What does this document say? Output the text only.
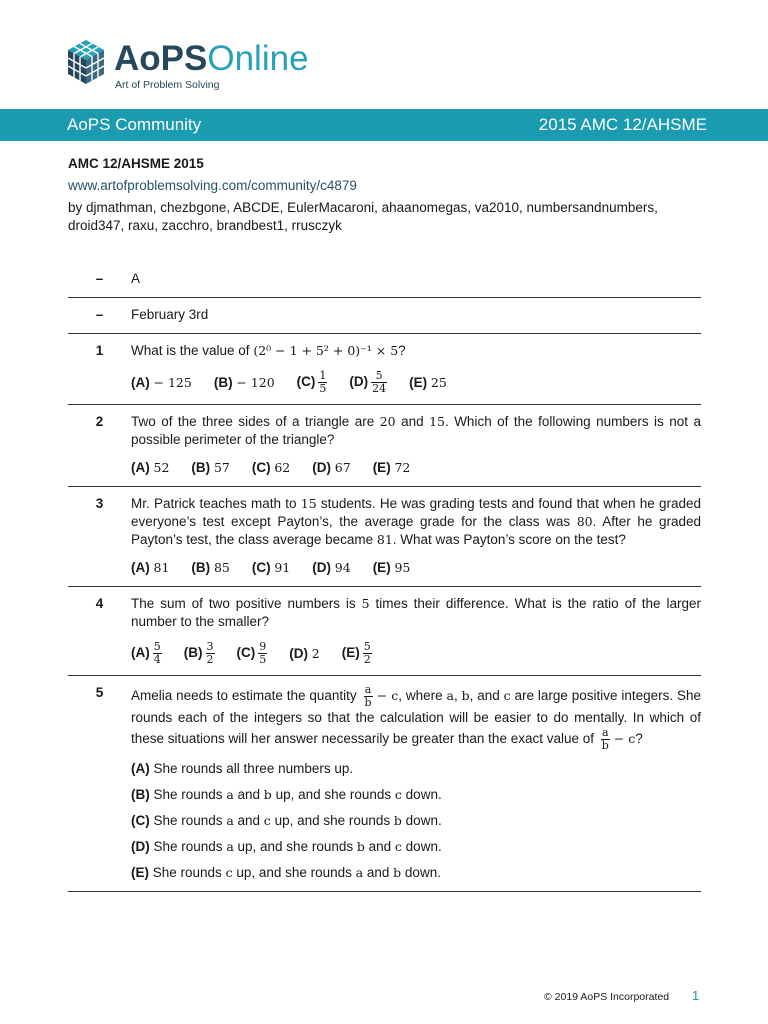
AoPSOnline
Art of Problem Solving
AoPS Community	2015 AMC 12/AHSME
AMC 12/AHSME 2015
www.artofproblemsolving.com/community/c4879
by djmathman, chezbgone, ABCDE, EulerMacaroni, ahaanomegas, va2010, numbersandnumbers, droid347, raxu, zacchro, brandbest1, rrusczyk
–	A
–	February 3rd
1	What is the value of (2⁰ − 1 + 5² + 0)⁻¹ × 5?
(A) − 125 (B) − 120 $(C) \frac{1}{5} (D) \frac{5}{24} (E)$ 25
2	Two of the three sides of a triangle are 20 and 15. Which of the following numbers is not a possible perimeter of the triangle?
(A) 52 (B) 57 (C) 62 (D) 67 (E) 72
3	Mr. Patrick teaches math to 15 students. He was grading tests and found that when he graded everyone’s test except Payton’s, the average grade for the class was 80. After he graded Payton’s test, the class average became 81. What was Payton’s score on the test?
(A) 81 (B) 85 (C) 91 (D) 94 (E) 95
4	The sum of two positive numbers is 5 times their difference. What is the ratio of the larger number to the smaller?
$(A) \frac{5}{4} (B) \frac{3}{2} (C) \frac{9}{5} (D)$ 2 $(E) \frac{5}{2}$
5	Amelia needs to estimate the quantity $\frac{a}{b} - c$, where a, b, and c are large positive integers. She rounds each of the integers so that the calculation will be easier to do mentally. In which of these situations will her answer necessarily be greater than the exact value of $\frac{a}{b} - c$?
(A) She rounds all three numbers up.
(B) She rounds a and b up, and she rounds c down.
(C) She rounds a and c up, and she rounds b down.
(D) She rounds a up, and she rounds b and c down.
(E) She rounds c up, and she rounds a and b down.
© 2019 AoPS Incorporated 1
